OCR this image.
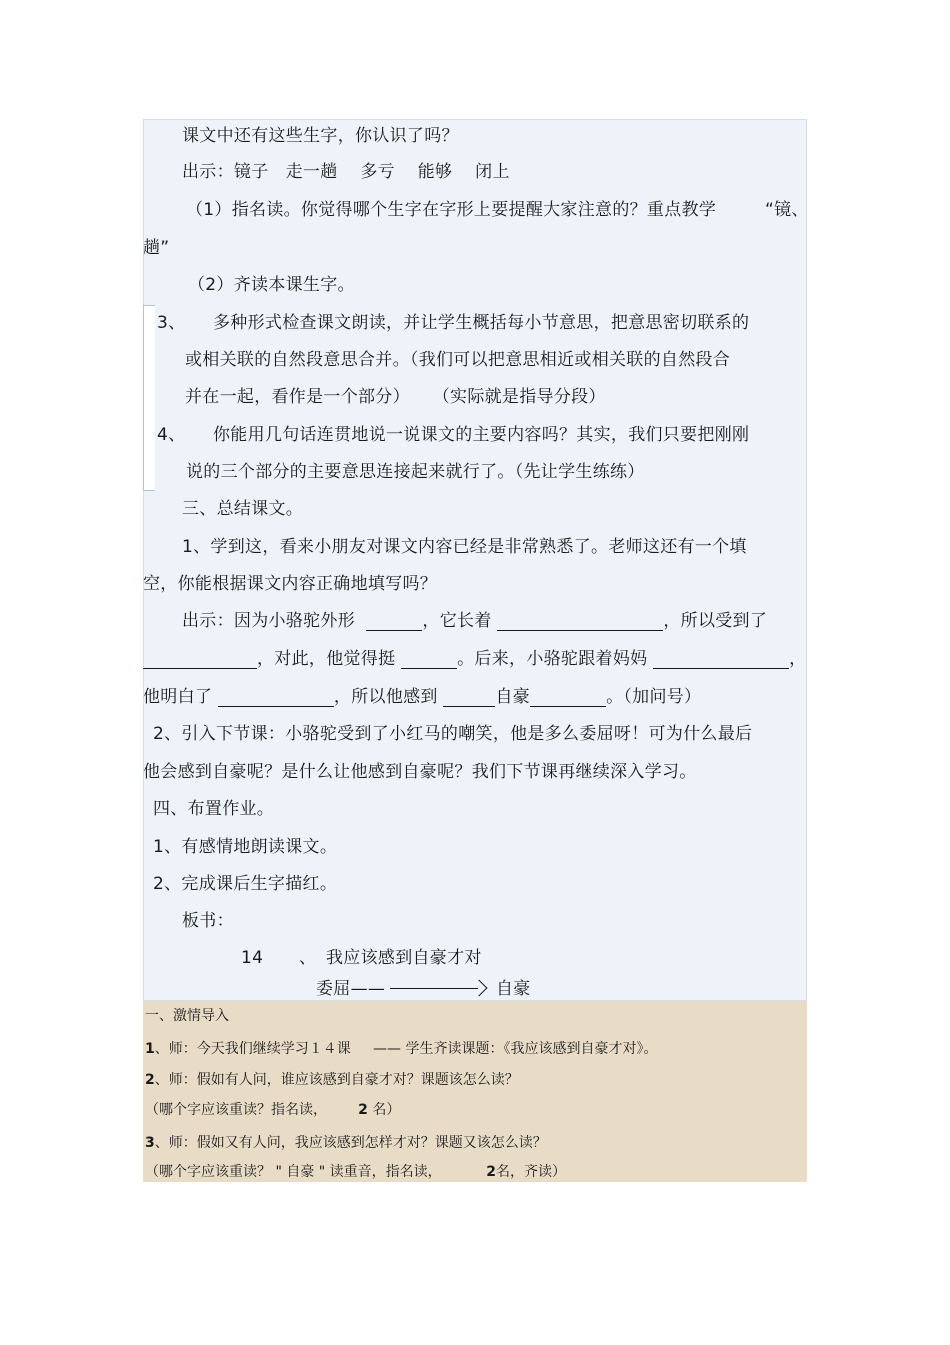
课文中还有这些生字，你认识了吗？
出示：镜子   走一趟    多亏    能够    闭上
（1）指名读。你觉得哪个生字在字形上要提醒大家注意的？重点教学	“镜、
趟”
（2）齐读本课生字。
3、 多种形式检查课文朗读，并让学生概括每小节意思，把意思密切联系的
或相关联的自然段意思合并。（我们可以把意思相近或相关联的自然段合
并在一起，看作是一个部分）    （实际就是指导分段）
4、 你能用几句话连贯地说一说课文的主要内容吗？其实，我们只要把刚刚
说的三个部分的主要意思连接起来就行了。（先让学生练练）
三、总结课文。
1、学到这，看来小朋友对课文内容已经是非常熟悉了。老师这还有一个填
空，你能根据课文内容正确地填写吗？
出示：因为小骆驼外形	，它长着	，所以受到了
，对此，他觉得挺	。后来，小骆驼跟着妈妈	，
他明白了	，所以他感到	自豪	。（加问号）
2、引入下节课：小骆驼受到了小红马的嘲笑，他是多么委屈呀！可为什么最后
他会感到自豪呢？是什么让他感到自豪呢？我们下节课再继续深入学习。
四、布置作业。
1、有感情地朗读课文。
2、完成课后生字描红。
板书：
14 、 我应该感到自豪才对
委屈——	自豪
一、激情导入
1、师：今天我们继续学习１４课     —— 学生齐读课题：《我应该感到自豪才对》。
2、师：假如有人问，谁应该感到自豪才对？课题该怎么读？
（哪个字应该重读？指名读， 2 名）
3、师：假如又有人问，我应该感到怎样才对？课题又该怎么读？
（哪个字应该重读？ " 自豪 " 读重音，指名读，	2名，齐读）
